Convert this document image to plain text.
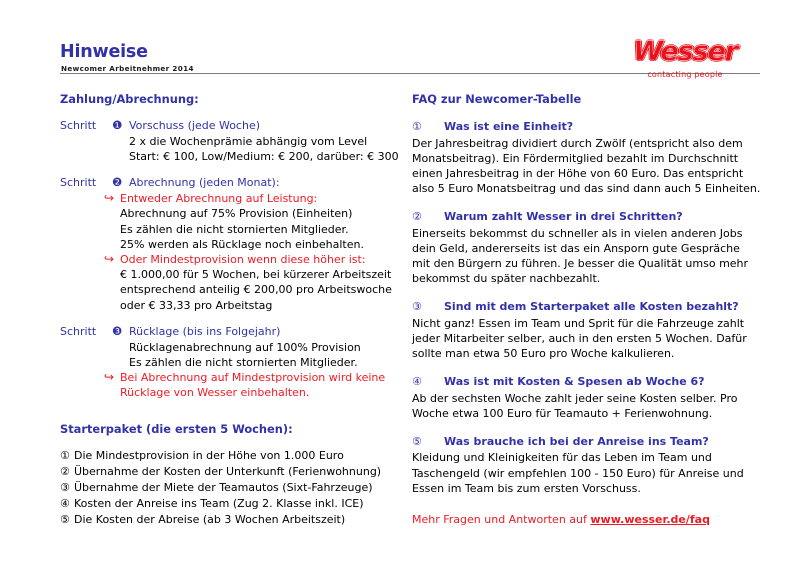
Hinweise
Newcomer Arbeitnehmer 2014
Wesser
contacting people
Zahlung/Abrechnung:
Schritt	❶ Vorschuss (jede Woche)
2 x die Wochenprämie abhängig vom Level
Start: € 100, Low/Medium: € 200, darüber: € 300
Schritt	❷ Abrechnung (jeden Monat):
↪ Entweder Abrechnung auf Leistung:
Abrechnung auf 75% Provision (Einheiten)
Es zählen die nicht stornierten Mitglieder.
25% werden als Rücklage noch einbehalten.
↪ Oder Mindestprovision wenn diese höher ist:
€ 1.000,00 für 5 Wochen, bei kürzerer Arbeitszeit
entsprechend anteilig € 200,00 pro Arbeitswoche
oder € 33,33 pro Arbeitstag
Schritt	❸ Rücklage (bis ins Folgejahr)
Rücklagenabrechnung auf 100% Provision
Es zählen die nicht stornierten Mitglieder.
↪ Bei Abrechnung auf Mindestprovision wird keine
Rücklage von Wesser einbehalten.
Starterpaket (die ersten 5 Wochen):
① Die Mindestprovision in der Höhe von 1.000 Euro
② Übernahme der Kosten der Unterkunft (Ferienwohnung)
③ Übernahme der Miete der Teamautos (Sixt-Fahrzeuge)
④ Kosten der Anreise ins Team (Zug 2. Klasse inkl. ICE)
⑤ Die Kosten der Abreise (ab 3 Wochen Arbeitszeit)
FAQ zur Newcomer-Tabelle
①	Was ist eine Einheit?
Der Jahresbeitrag dividiert durch Zwölf (entspricht also dem
Monatsbeitrag). Ein Fördermitglied bezahlt im Durchschnitt
einen Jahresbeitrag in der Höhe von 60 Euro. Das entspricht
also 5 Euro Monatsbeitrag und das sind dann auch 5 Einheiten.
②	Warum zahlt Wesser in drei Schritten?
Einerseits bekommst du schneller als in vielen anderen Jobs
dein Geld, andererseits ist das ein Ansporn gute Gespräche
mit den Bürgern zu führen. Je besser die Qualität umso mehr
bekommst du später nachbezahlt.
③	Sind mit dem Starterpaket alle Kosten bezahlt?
Nicht ganz! Essen im Team und Sprit für die Fahrzeuge zahlt
jeder Mitarbeiter selber, auch in den ersten 5 Wochen. Dafür
sollte man etwa 50 Euro pro Woche kalkulieren.
④	Was ist mit Kosten & Spesen ab Woche 6?
Ab der sechsten Woche zahlt jeder seine Kosten selber. Pro
Woche etwa 100 Euro für Teamauto + Ferienwohnung.
⑤	Was brauche ich bei der Anreise ins Team?
Kleidung und Kleinigkeiten für das Leben im Team und
Taschengeld (wir empfehlen 100 - 150 Euro) für Anreise und
Essen im Team bis zum ersten Vorschuss.
Mehr Fragen und Antworten auf www.wesser.de/faq
